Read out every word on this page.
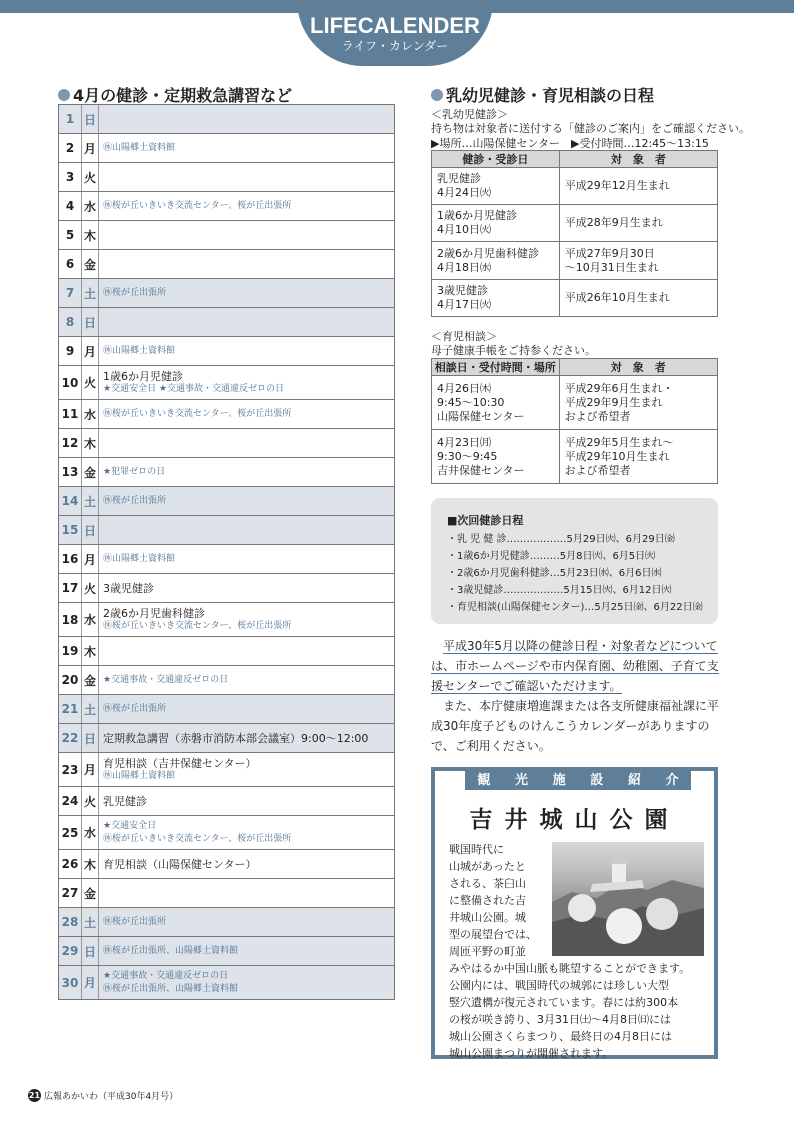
LIFECALENDER
ライフ・カレンダー
4月の健診・定期救急講習など
1 日
2 月 ㊡山陽郷土資料館
3 火
4 水 ㊡桜が丘いきいき交流センター、桜が丘出張所
5 木
6 金
7 土 ㊡桜が丘出張所
8 日
9 月 ㊡山陽郷土資料館
10 火 1歳6か月児健診
★交通安全日 ★交通事故・交通違反ゼロの日
11 水 ㊡桜が丘いきいき交流センター、桜が丘出張所
12 木
13 金 ★犯罪ゼロの日
14 土 ㊡桜が丘出張所
15 日
16 月 ㊡山陽郷土資料館
17 火 3歳児健診
18 水 2歳6か月児歯科健診
㊡桜が丘いきいき交流センター、桜が丘出張所
19 木
20 金 ★交通事故・交通違反ゼロの日
21 土 ㊡桜が丘出張所
22 日 定期救急講習（赤磐市消防本部会議室）9:00～12:00
23 月 育児相談（吉井保健センター）
㊡山陽郷土資料館
24 火 乳児健診
25 水
★交通安全日
㊡桜が丘いきいき交流センター、桜が丘出張所
26 木 育児相談（山陽保健センター）
27 金
28 土 ㊡桜が丘出張所
29 日 ㊡桜が丘出張所、山陽郷土資料館
30 月
★交通事故・交通違反ゼロの日
㊡桜が丘出張所、山陽郷土資料館
乳幼児健診・育児相談の日程
＜乳幼児健診＞
持ち物は対象者に送付する「健診のご案内」をご確認ください。
▶場所…山陽保健センター　▶受付時間…12:45～13:15
健診・受診日	対　象　者

乳児健診
4月24日㈫	平成29年12月生まれ

1歳6か月児健診
4月10日㈫	平成28年9月生まれ

2歳6か月児歯科健診
4月18日㈬	平成27年9月30日
～10月31日生まれ

3歳児健診
4月17日㈫	平成26年10月生まれ
＜育児相談＞
母子健康手帳をご持参ください。
相談日・受付時間・場所	対　象　者

4月26日㈭
9:45～10:30
山陽保健センター	平成29年6月生まれ・
平成29年9月生まれ
および希望者

4月23日㈪
9:30～9:45
吉井保健センター	平成29年5月生まれ～
平成29年10月生まれ
および希望者
■次回健診日程
・乳 児 健 診………………5月29日㈫、6月29日㈮
・1歳6か月児健診………5月8日㈫、6月5日㈫
・2歳6か月児歯科健診…5月23日㈬、6月6日㈬
・3歳児健診………………5月15日㈫、6月12日㈫
・育児相談(山陽保健センター)…5月25日㈮、6月22日㈮

平成30年5月以降の健診日程・対象者などについては、市ホームページや市内保育園、幼稚園、子育て支援センターでご確認いただけます。

また、本庁健康増進課または各支所健康福祉課に平成30年度子どものけんこうカレンダーがありますので、ご利用ください。

観 光 施 設 紹 介
吉井城山公園
戦国時代に
山城があったと
される、茶臼山
に整備された吉
井城山公園。城
型の展望台では、
周匝平野の町並
みやはるか中国山脈も眺望することができます。
公園内には、戦国時代の城郭には珍しい大型
竪穴遺構が復元されています。春には約300本
の桜が咲き誇り、3月31日㈯～4月8日㈰には
城山公園さくらまつり、最終日の4月8日には
城山公園まつりが開催されます。
21 広報あかいわ（平成30年4月号）
